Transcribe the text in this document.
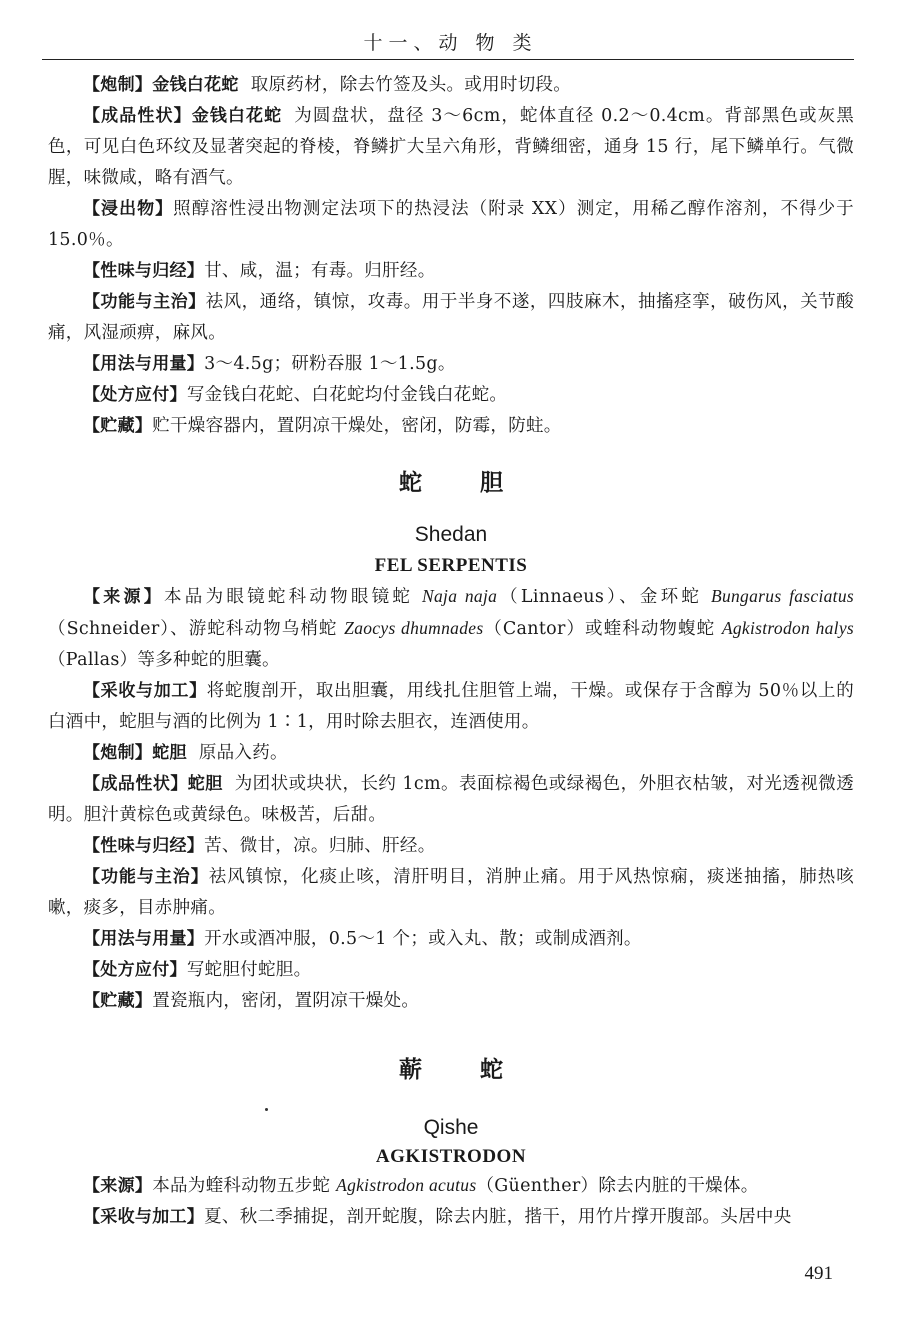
十一、动 物 类

【炮制】金钱白花蛇 取原药材，除去竹签及头。或用时切段。

【成品性状】金钱白花蛇 为圆盘状，盘径 3～6cm，蛇体直径 0.2～0.4cm。背部黑色或灰黑色，可见白色环纹及显著突起的脊棱，脊鳞扩大呈六角形，背鳞细密，通身 15 行，尾下鳞单行。气微腥，味微咸，略有酒气。

【浸出物】照醇溶性浸出物测定法项下的热浸法（附录 XX）测定，用稀乙醇作溶剂，不得少于 15.0％。

【性味与归经】甘、咸，温；有毒。归肝经。

【功能与主治】祛风，通络，镇惊，攻毒。用于半身不遂，四肢麻木，抽搐痉挛，破伤风，关节酸痛，风湿顽痹，麻风。

【用法与用量】3～4.5g；研粉吞服 1～1.5g。

【处方应付】写金钱白花蛇、白花蛇均付金钱白花蛇。

【贮藏】贮干燥容器内，置阴凉干燥处，密闭，防霉，防蛀。

蛇胆

Shedan

FEL SERPENTIS

【来源】本品为眼镜蛇科动物眼镜蛇 Naja naja（Linnaeus）、金环蛇 Bungarus fasciatus（Schneider）、游蛇科动物乌梢蛇 Zaocys dhumnades（Cantor）或蝰科动物蝮蛇 Agkistrodon halys（Pallas）等多种蛇的胆囊。

【采收与加工】将蛇腹剖开，取出胆囊，用线扎住胆管上端，干燥。或保存于含醇为 50％以上的白酒中，蛇胆与酒的比例为 1∶1，用时除去胆衣，连酒使用。

【炮制】蛇胆 原品入药。

【成品性状】蛇胆 为团状或块状，长约 1cm。表面棕褐色或绿褐色，外胆衣枯皱，对光透视微透明。胆汁黄棕色或黄绿色。味极苦，后甜。

【性味与归经】苦、微甘，凉。归肺、肝经。

【功能与主治】祛风镇惊，化痰止咳，清肝明目，消肿止痛。用于风热惊痫，痰迷抽搐，肺热咳嗽，痰多，目赤肿痛。

【用法与用量】开水或酒冲服，0.5～1 个；或入丸、散；或制成酒剂。

【处方应付】写蛇胆付蛇胆。

【贮藏】置瓷瓶内，密闭，置阴凉干燥处。

蕲蛇

Qishe

AGKISTRODON

【来源】本品为蝰科动物五步蛇 Agkistrodon acutus（Güenther）除去内脏的干燥体。

【采收与加工】夏、秋二季捕捉，剖开蛇腹，除去内脏，揩干，用竹片撑开腹部。头居中央

491
